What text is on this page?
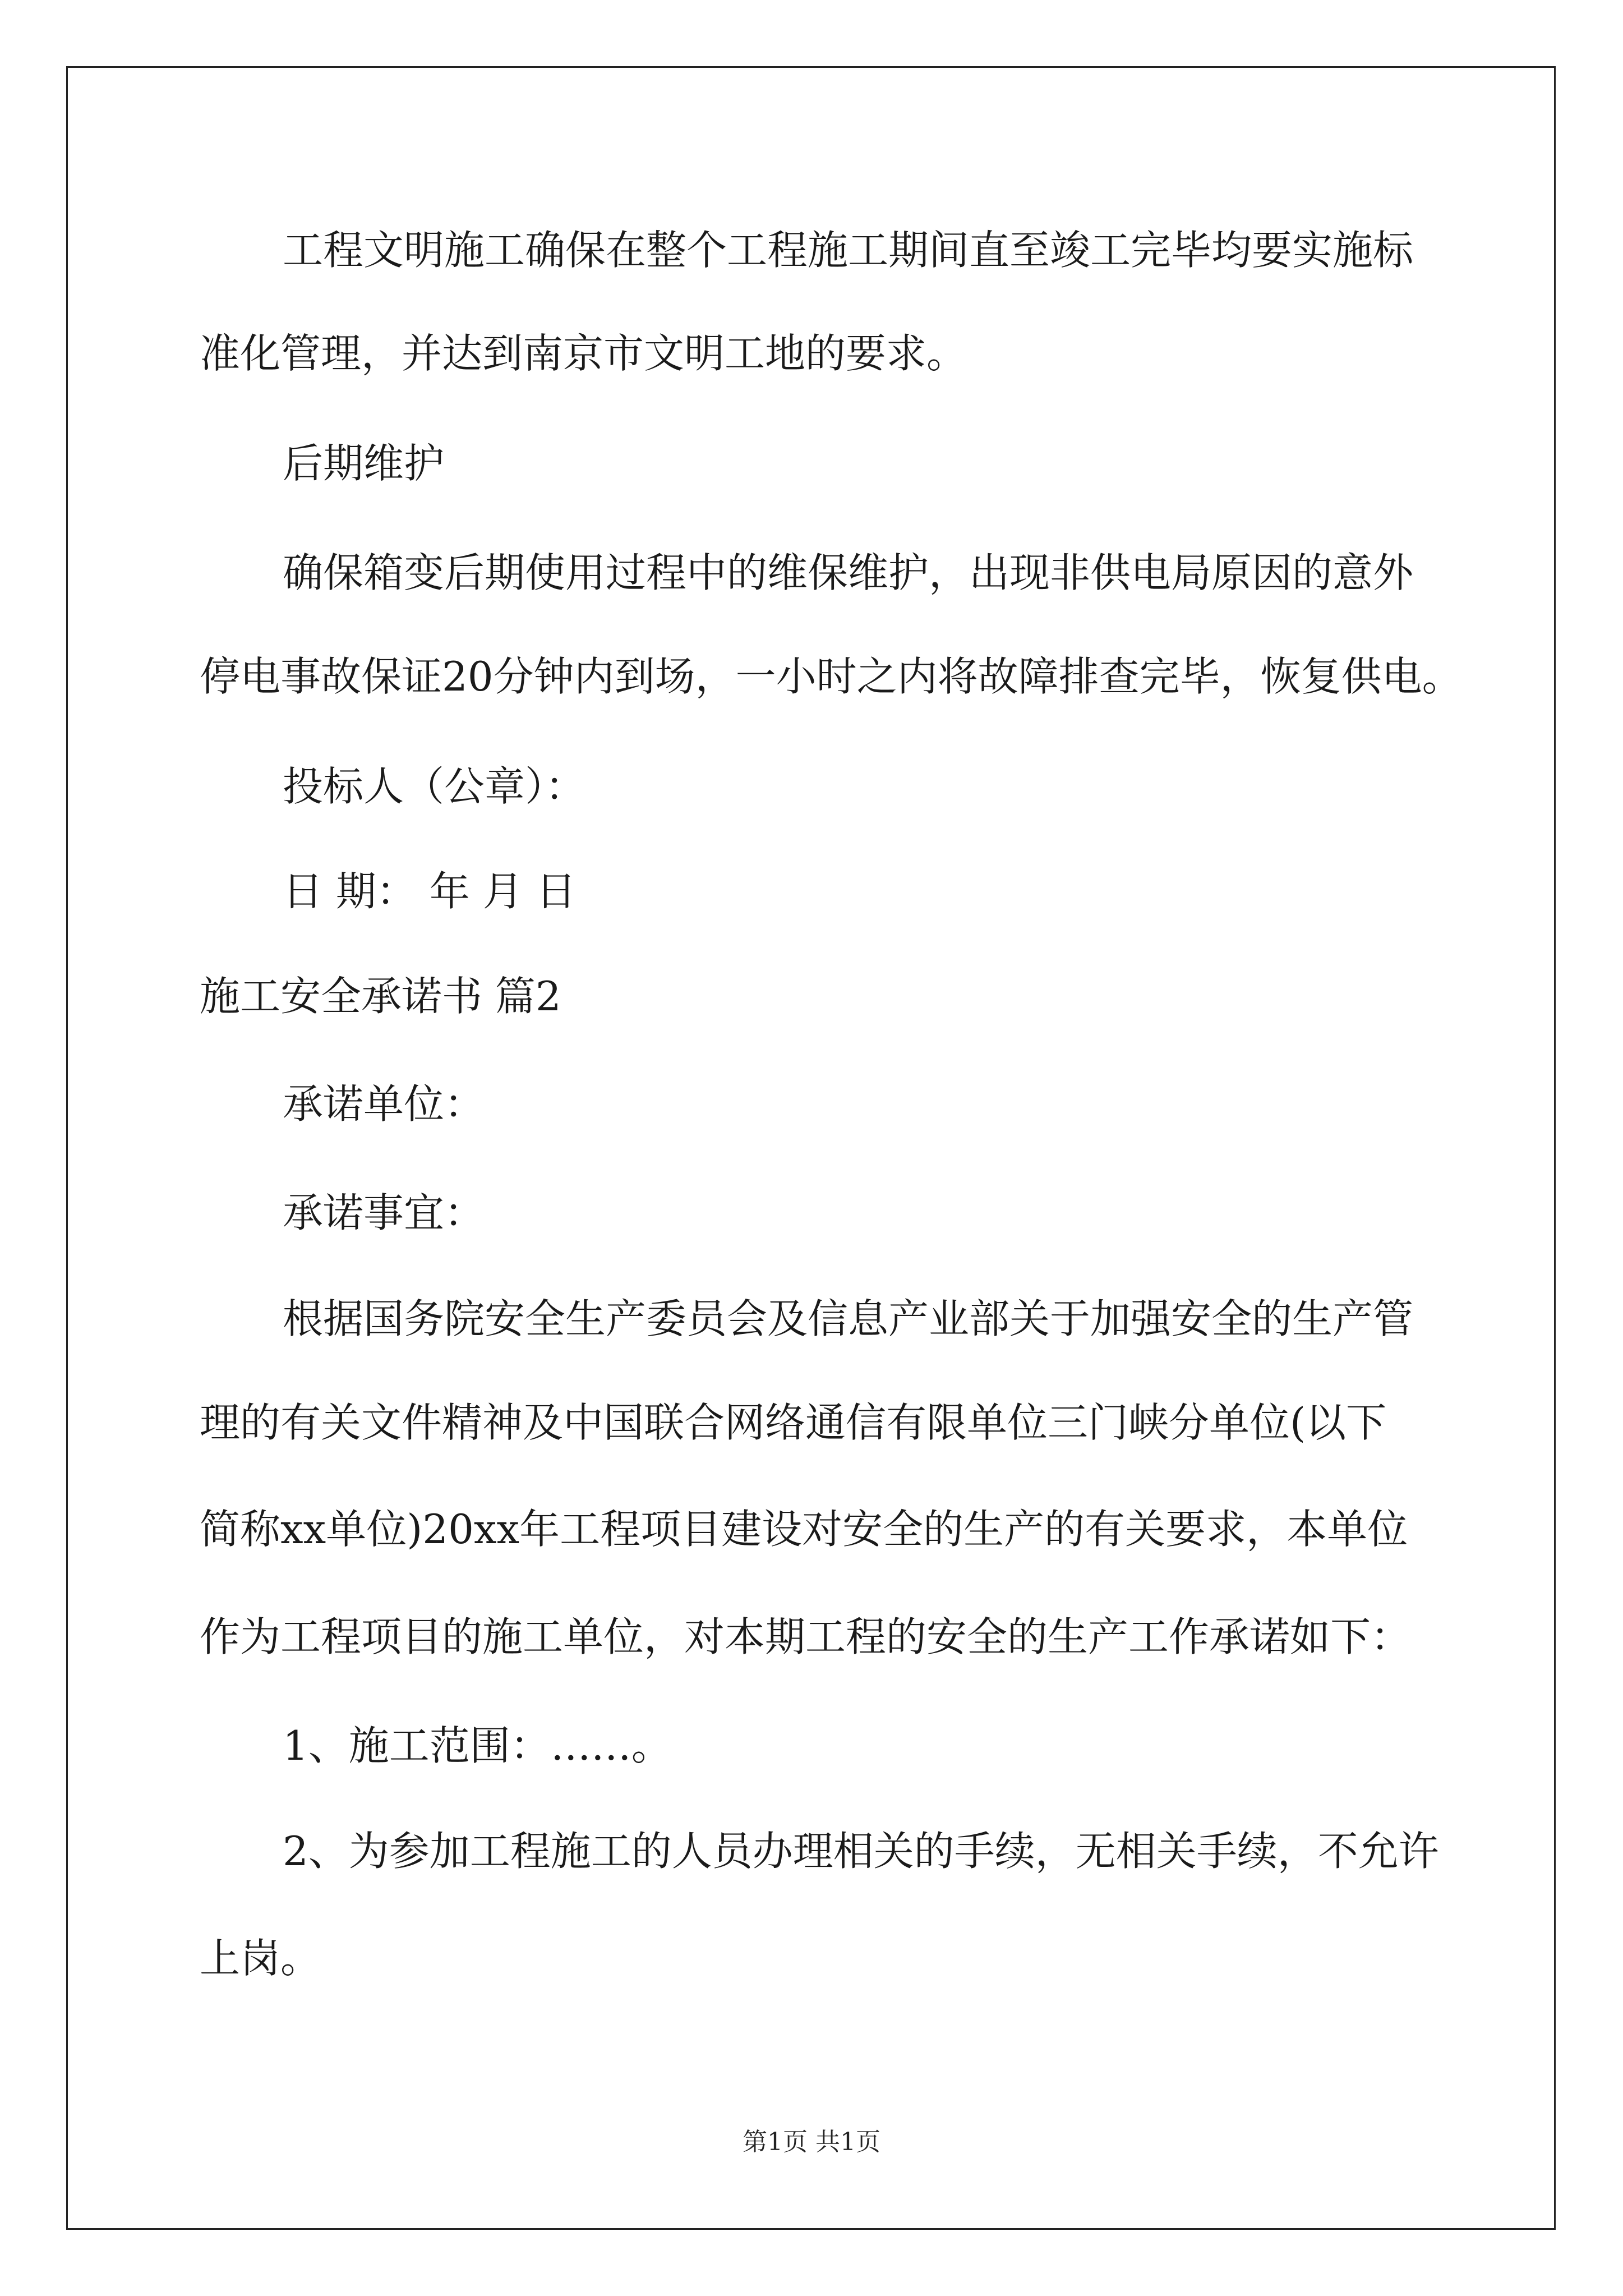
工程文明施工确保在整个工程施工期间直至竣工完毕均要实施标

准化管理，并达到南京市文明工地的要求。

后期维护

确保箱变后期使用过程中的维保维护，出现非供电局原因的意外

停电事故保证20分钟内到场，一小时之内将故障排查完毕，恢复供电。

投标人（公章）：

日 期： 年 月 日

施工安全承诺书 篇2

承诺单位：

承诺事宜：

根据国务院安全生产委员会及信息产业部关于加强安全的生产管

理的有关文件精神及中国联合网络通信有限单位三门峡分单位(以下

简称xx单位)20xx年工程项目建设对安全的生产的有关要求，本单位

作为工程项目的施工单位，对本期工程的安全的生产工作承诺如下：

1、施工范围：……。

2、为参加工程施工的人员办理相关的手续，无相关手续，不允许

上岗。

第1页 共1页
